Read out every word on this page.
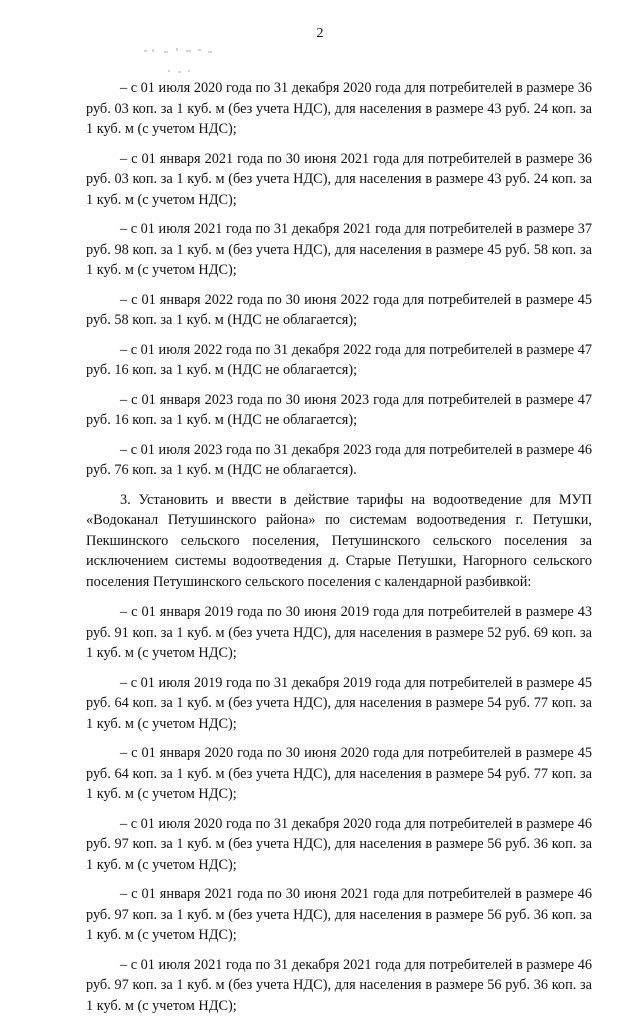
2

– с 01 июля 2020 года по 31 декабря 2020 года для потребителей в размере 36 руб. 03 коп. за 1 куб. м (без учета НДС), для населения в размере 43 руб. 24 коп. за 1 куб. м (с учетом НДС);

– с 01 января 2021 года по 30 июня 2021 года для потребителей в размере 36 руб. 03 коп. за 1 куб. м (без учета НДС), для населения в размере 43 руб. 24 коп. за 1 куб. м (с учетом НДС);

– с 01 июля 2021 года по 31 декабря 2021 года для потребителей в размере 37 руб. 98 коп. за 1 куб. м (без учета НДС), для населения в размере 45 руб. 58 коп. за 1 куб. м (с учетом НДС);

– с 01 января 2022 года по 30 июня 2022 года для потребителей в размере 45 руб. 58 коп. за 1 куб. м (НДС не облагается);

– с 01 июля 2022 года по 31 декабря 2022 года для потребителей в размере 47 руб. 16 коп. за 1 куб. м (НДС не облагается);

– с 01 января 2023 года по 30 июня 2023 года для потребителей в размере 47 руб. 16 коп. за 1 куб. м (НДС не облагается);

– с 01 июля 2023 года по 31 декабря 2023 года для потребителей в размере 46 руб. 76 коп. за 1 куб. м (НДС не облагается).

3. Установить и ввести в действие тарифы на водоотведение для МУП «Водоканал Петушинского района» по системам водоотведения г. Петушки, Пекшинского сельского поселения, Петушинского сельского поселения за исключением системы водоотведения д. Старые Петушки, Нагорного сельского поселения Петушинского сельского поселения с календарной разбивкой:

– с 01 января 2019 года по 30 июня 2019 года для потребителей в размере 43 руб. 91 коп. за 1 куб. м (без учета НДС), для населения в размере 52 руб. 69 коп. за 1 куб. м (с учетом НДС);

– с 01 июля 2019 года по 31 декабря 2019 года для потребителей в размере 45 руб. 64 коп. за 1 куб. м (без учета НДС), для населения в размере 54 руб. 77 коп. за 1 куб. м (с учетом НДС);

– с 01 января 2020 года по 30 июня 2020 года для потребителей в размере 45 руб. 64 коп. за 1 куб. м (без учета НДС), для населения в размере 54 руб. 77 коп. за 1 куб. м (с учетом НДС);

– с 01 июля 2020 года по 31 декабря 2020 года для потребителей в размере 46 руб. 97 коп. за 1 куб. м (без учета НДС), для населения в размере 56 руб. 36 коп. за 1 куб. м (с учетом НДС);

– с 01 января 2021 года по 30 июня 2021 года для потребителей в размере 46 руб. 97 коп. за 1 куб. м (без учета НДС), для населения в размере 56 руб. 36 коп. за 1 куб. м (с учетом НДС);

– с 01 июля 2021 года по 31 декабря 2021 года для потребителей в размере 46 руб. 97 коп. за 1 куб. м (без учета НДС), для населения в размере 56 руб. 36 коп. за 1 куб. м (с учетом НДС);
